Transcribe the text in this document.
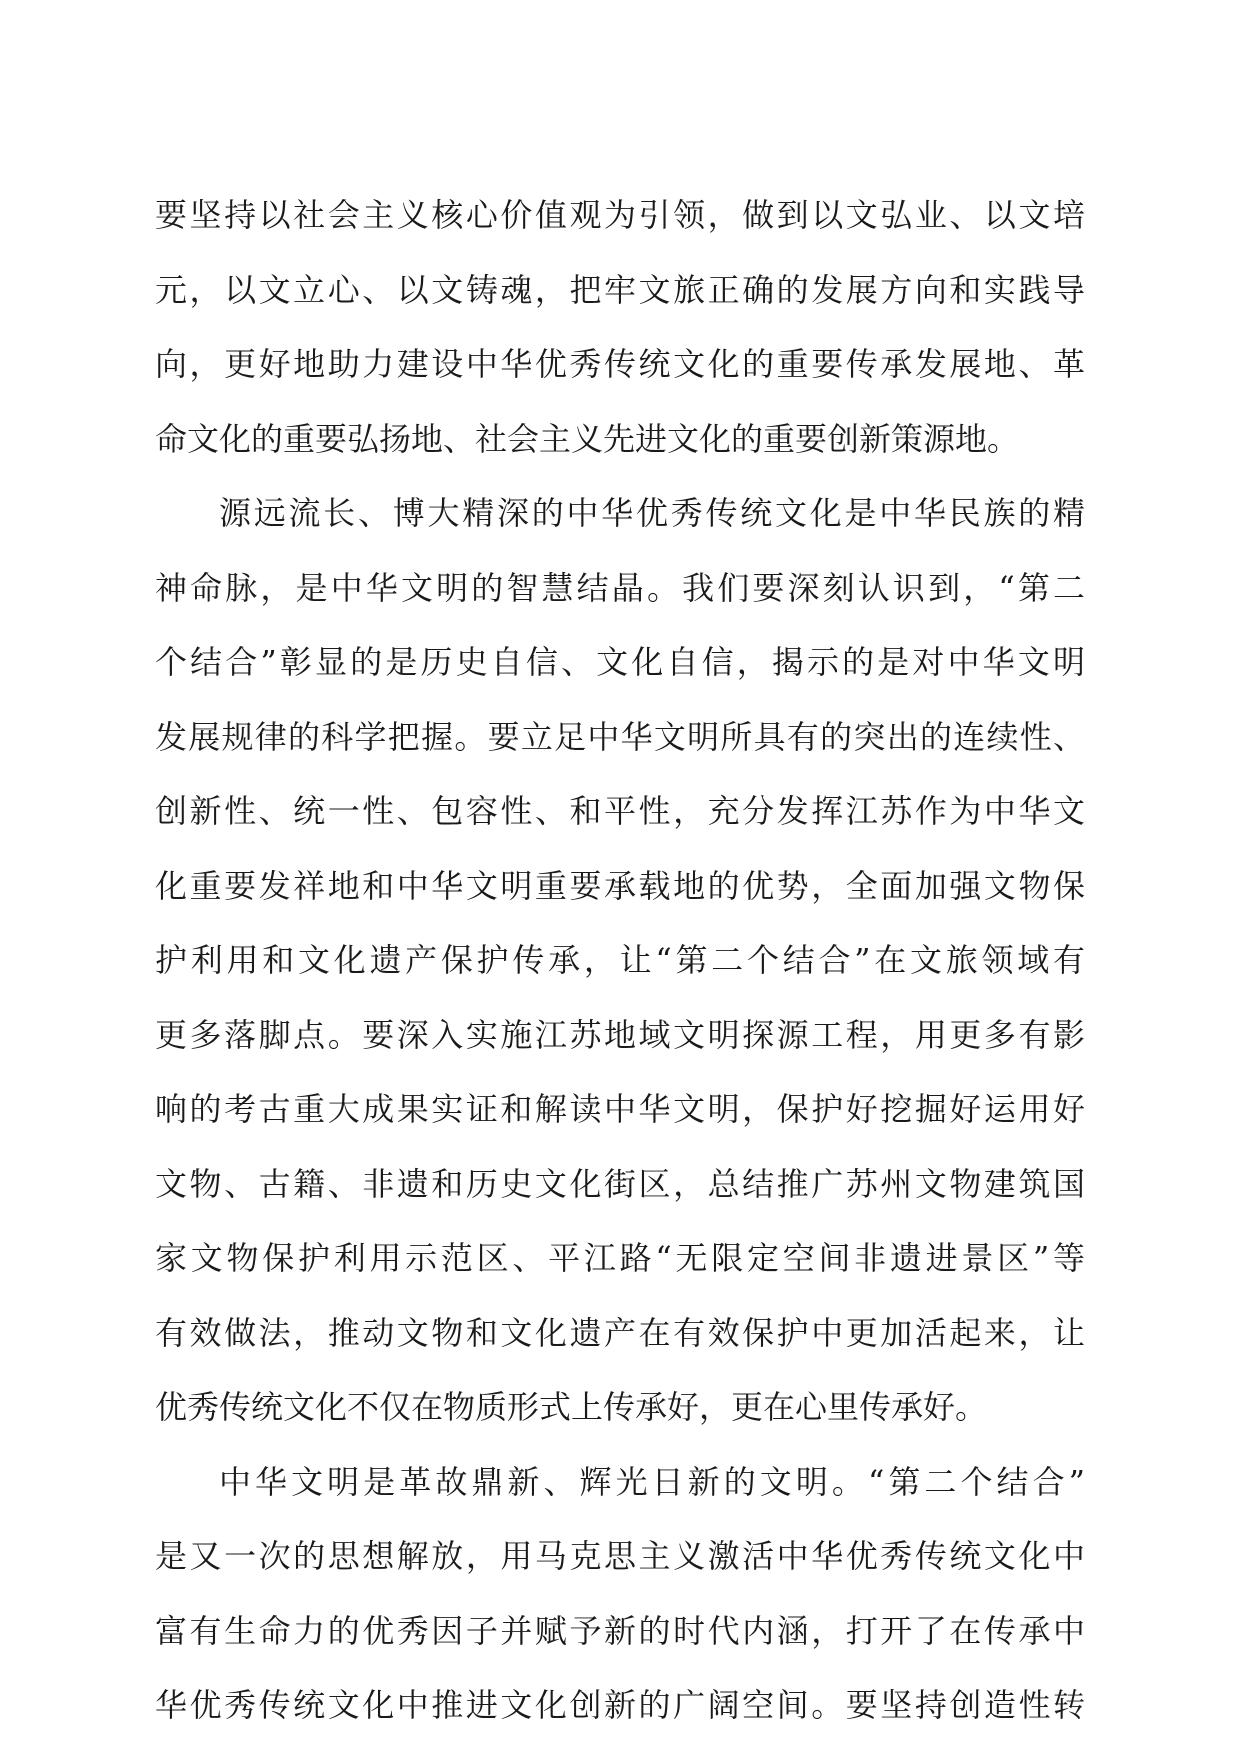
要坚持以社会主义核心价值观为引领，做到以文弘业、以文培
元，以文立心、以文铸魂，把牢文旅正确的发展方向和实践导
向，更好地助力建设中华优秀传统文化的重要传承发展地、革
命文化的重要弘扬地、社会主义先进文化的重要创新策源地。
源远流长、博大精深的中华优秀传统文化是中华民族的精
神命脉，是中华文明的智慧结晶。我们要深刻认识到，“第二
个结合”彰显的是历史自信、文化自信，揭示的是对中华文明
发展规律的科学把握。要立足中华文明所具有的突出的连续性、
创新性、统一性、包容性、和平性，充分发挥江苏作为中华文
化重要发祥地和中华文明重要承载地的优势，全面加强文物保
护利用和文化遗产保护传承，让“第二个结合”在文旅领域有
更多落脚点。要深入实施江苏地域文明探源工程，用更多有影
响的考古重大成果实证和解读中华文明，保护好挖掘好运用好
文物、古籍、非遗和历史文化街区，总结推广苏州文物建筑国
家文物保护利用示范区、平江路“无限定空间非遗进景区”等
有效做法，推动文物和文化遗产在有效保护中更加活起来，让
优秀传统文化不仅在物质形式上传承好，更在心里传承好。
中华文明是革故鼎新、辉光日新的文明。“第二个结合”
是又一次的思想解放，用马克思主义激活中华优秀传统文化中
富有生命力的优秀因子并赋予新的时代内涵，打开了在传承中
华优秀传统文化中推进文化创新的广阔空间。要坚持创造性转
